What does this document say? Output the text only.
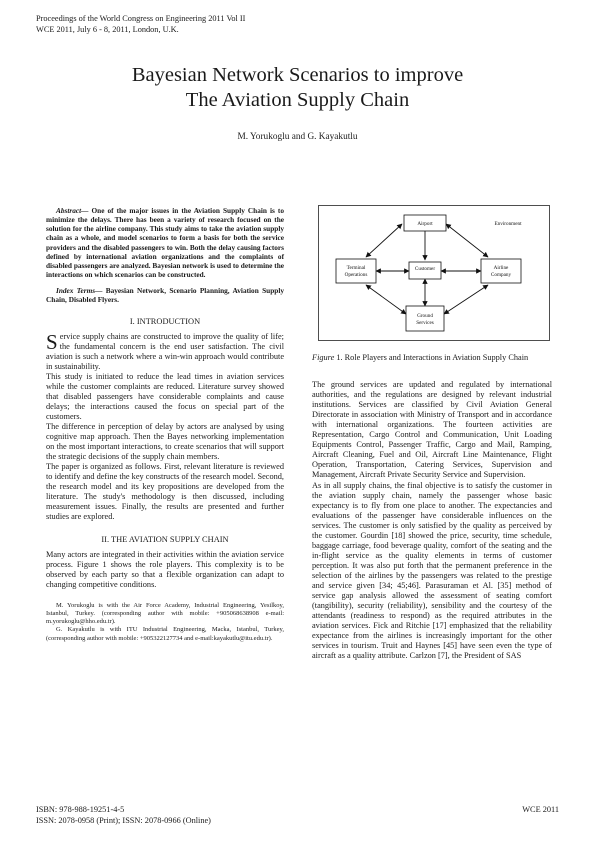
Proceedings of the World Congress on Engineering 2011 Vol II
WCE 2011, July 6 - 8, 2011, London, U.K.
Bayesian Network Scenarios to improve
The Aviation Supply Chain
M. Yorukoglu and G. Kayakutlu

Abstract— One of the major issues in the Aviation Supply Chain is to minimize the delays. There has been a variety of research focused on the solution for the airline company. This study aims to take the aviation supply chain as a whole, and model scenarios to form a basis for both the service providers and the disabled passengers to win. Both the delay causing factors defined by international aviation organizations and the complaints of disabled passengers are analyzed. Bayesian network is used to determine the interactions on which scenarios can be constructed.

Index Terms— Bayesian Network, Scenario Planning, Aviation Supply Chain, Disabled Flyers.

I. INTRODUCTION

Service supply chains are constructed to improve the quality of life; the fundamental concern is the end user satisfaction. The civil aviation is such a network where a win-win approach would contribute in sustainability.

This study is initiated to reduce the lead times in aviation services while the customer complaints are reduced. Literature survey showed that disabled passengers have considerable complaints and cause delays; the interactions caused the focus on special part of the customers.

The difference in perception of delay by actors are analysed by using cognitive map approach. Then the Bayes networking implementation on the most important interactions, to create scenarios that will support the strategic decisions of the supply chain members.

The paper is organized as follows. First, relevant literature is reviewed to identify and define the key constructs of the research model. Second, the research model and its key propositions are developed from the literature. The study's methodology is then discussed, including measurement issues. Finally, the results are presented and further studies are explored.

II. THE AVIATION SUPPLY CHAIN

Many actors are integrated in their activities within the aviation service process. Figure 1 shows the role players. This complexity is to be observed by each party so that a flexible organization can adapt to changing competitive conditions.

M. Yorukoglu is with the Air Force Academy, Industrial Engineering, Yesilkoy, Istanbul, Turkey. (corresponding author with mobile: +905068638908 e-mail: m.yorukoglu@hho.edu.tr).

G. Kayakutlu is with ITU Industrial Engineering, Macka, Istanbul, Turkey, (corresponding author with mobile: +905322127734 and e-mail:kayakutlu@itu.edu.tr).

Airport	Environment
Terminal
Operations
Customer	Airline
Company
Ground
Services

Figure 1. Role Players and Interactions in Aviation Supply Chain

The ground services are updated and regulated by international authorities, and the regulations are designed by relevant industrial institutions. Services are classified by Civil Aviation General Directorate in association with Ministry of Transport and in accordance with international organizations. The fourteen activities are Representation, Cargo Control and Communication, Unit Loading Equipments Control, Passenger Traffic, Cargo and Mail, Ramping, Aircraft Cleaning, Fuel and Oil, Aircraft Line Maintenance, Flight Operation, Transportation, Catering Services, Supervision and Management, Aircraft Private Security Service and Supervision.

As in all supply chains, the final objective is to satisfy the customer in the aviation supply chain, namely the passenger whose basic expectancy is to fly from one place to another. The expectancies and evaluations of the passenger have considerable influences on the services. The customer is only satisfied by the quality as perceived by the customer. Gourdin [18] showed the price, security, time schedule, baggage carriage, food beverage quality, comfort of the seating and the in-flight service as the quality elements in terms of customer perception. It was also put forth that the permanent preference in the selection of the airlines by the passengers was related to the prestige and service given [34; 45;46]. Parasuraman et Al. [35] method of service gap analysis allowed the assessment of seating comfort (tangibility), security (reliability), sensibility and the courtesy of the attendants (readiness to respond) as the required attributes in the aviation services. Fick and Ritchie [17] emphasized that the reliability expectance from the airlines is increasingly important for the other services in tourism. Truit and Haynes [45] have seen even the type of aircraft as a quality attribute. Carlzon [7], the President of SAS

ISBN: 978-988-19251-4-5
ISSN: 2078-0958 (Print); ISSN: 2078-0966 (Online)
WCE 2011
